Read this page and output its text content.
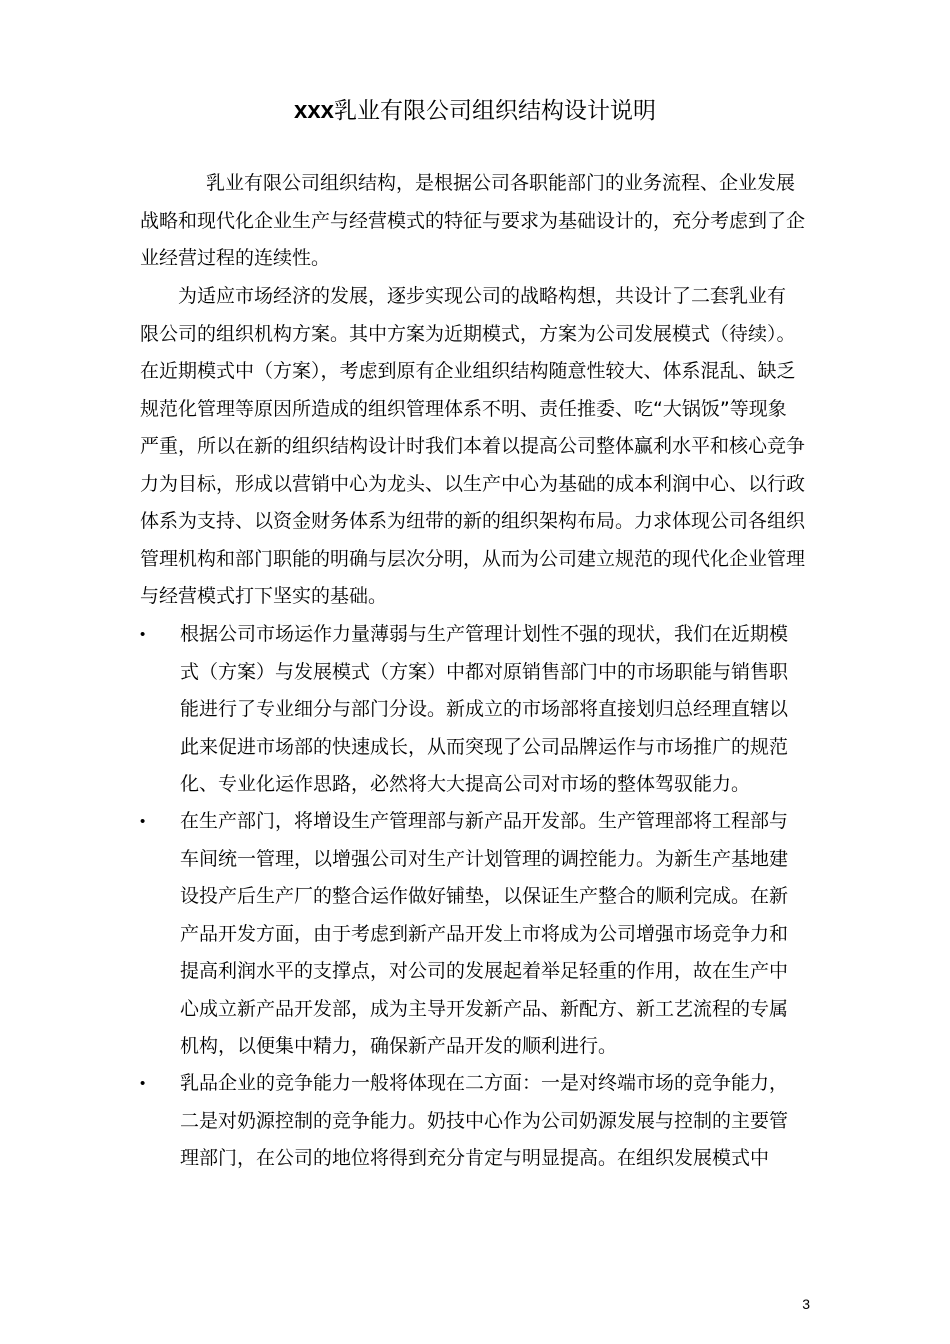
xxx乳业有限公司组织结构设计说明
乳业有限公司组织结构，是根据公司各职能部门的业务流程、企业发展
战略和现代化企业生产与经营模式的特征与要求为基础设计的，充分考虑到了企
业经营过程的连续性。
为适应市场经济的发展，逐步实现公司的战略构想，共设计了二套乳业有
限公司的组织机构方案。其中方案为近期模式，方案为公司发展模式（待续）。
在近期模式中（方案），考虑到原有企业组织结构随意性较大、体系混乱、缺乏
规范化管理等原因所造成的组织管理体系不明、责任推委、吃“大锅饭”等现象
严重，所以在新的组织结构设计时我们本着以提高公司整体赢利水平和核心竞争
力为目标，形成以营销中心为龙头、以生产中心为基础的成本利润中心、以行政
体系为支持、以资金财务体系为纽带的新的组织架构布局。力求体现公司各组织
管理机构和部门职能的明确与层次分明，从而为公司建立规范的现代化企业管理
与经营模式打下坚实的基础。
•	根据公司市场运作力量薄弱与生产管理计划性不强的现状，我们在近期模
式（方案）与发展模式（方案）中都对原销售部门中的市场职能与销售职
能进行了专业细分与部门分设。新成立的市场部将直接划归总经理直辖以
此来促进市场部的快速成长，从而突现了公司品牌运作与市场推广的规范
化、专业化运作思路，必然将大大提高公司对市场的整体驾驭能力。
•	在生产部门，将增设生产管理部与新产品开发部。生产管理部将工程部与
车间统一管理，以增强公司对生产计划管理的调控能力。为新生产基地建
设投产后生产厂的整合运作做好铺垫，以保证生产整合的顺利完成。在新
产品开发方面，由于考虑到新产品开发上市将成为公司增强市场竞争力和
提高利润水平的支撑点，对公司的发展起着举足轻重的作用，故在生产中
心成立新产品开发部，成为主导开发新产品、新配方、新工艺流程的专属
机构，以便集中精力，确保新产品开发的顺利进行。
•	乳品企业的竞争能力一般将体现在二方面：一是对终端市场的竞争能力，
二是对奶源控制的竞争能力。奶技中心作为公司奶源发展与控制的主要管
理部门，在公司的地位将得到充分肯定与明显提高。在组织发展模式中
3
